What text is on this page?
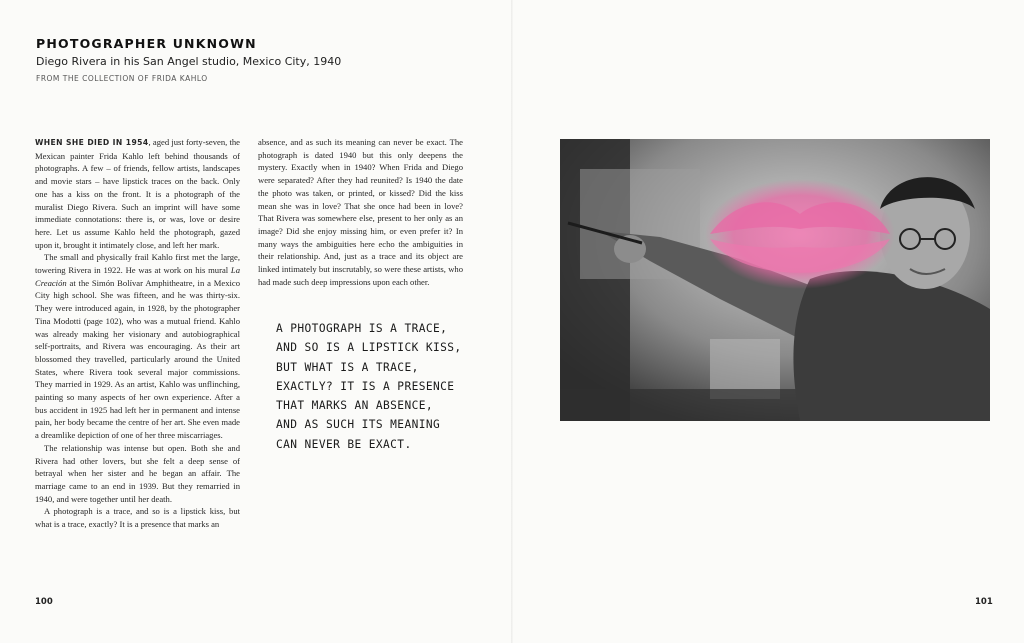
PHOTOGRAPHER UNKNOWN
Diego Rivera in his San Angel studio, Mexico City, 1940
FROM THE COLLECTION OF FRIDA KAHLO

WHEN SHE DIED IN 1954, aged just forty-seven, the Mexican painter Frida Kahlo left behind thousands of photographs. A few – of friends, fellow artists, landscapes and movie stars – have lipstick traces on the back. Only one has a kiss on the front. It is a photograph of the muralist Diego Rivera. Such an imprint will have some immediate connotations: there is, or was, love or desire here. Let us assume Kahlo held the photograph, gazed upon it, brought it intimately close, and left her mark.

The small and physically frail Kahlo first met the large, towering Rivera in 1922. He was at work on his mural La Creación at the Simón Bolívar Amphitheatre, in a Mexico City high school. She was fifteen, and he was thirty-six. They were introduced again, in 1928, by the photographer Tina Modotti (page 102), who was a mutual friend. Kahlo was already making her visionary and autobiographical self-portraits, and Rivera was encouraging. As their art blossomed they travelled, particularly around the United States, where Rivera took several major commissions. They married in 1929. As an artist, Kahlo was unflinching, painting so many aspects of her own experience. After a bus accident in 1925 had left her in permanent and intense pain, her body became the centre of her art. She even made a dreamlike depiction of one of her three miscarriages.

The relationship was intense but open. Both she and Rivera had other lovers, but she felt a deep sense of betrayal when her sister and he began an affair. The marriage came to an end in 1939. But they remarried in 1940, and were together until her death.

A photograph is a trace, and so is a lipstick kiss, but what is a trace, exactly? It is a presence that marks an

absence, and as such its meaning can never be exact. The photograph is dated 1940 but this only deepens the mystery. Exactly when in 1940? When Frida and Diego were separated? After they had reunited? Is 1940 the date the photo was taken, or printed, or kissed? Did the kiss mean she was in love? That she once had been in love? That Rivera was somewhere else, present to her only as an image? Did she enjoy missing him, or even prefer it? In many ways the ambiguities here echo the ambiguities in their relationship. And, just as a trace and its object are linked intimately but inscrutably, so were these artists, who had made such deep impressions upon each other.

A PHOTOGRAPH IS A TRACE,
AND SO IS A LIPSTICK KISS,
BUT WHAT IS A TRACE,
EXACTLY? IT IS A PRESENCE
THAT MARKS AN ABSENCE,
AND AS SUCH ITS MEANING
CAN NEVER BE EXACT.
100	101
